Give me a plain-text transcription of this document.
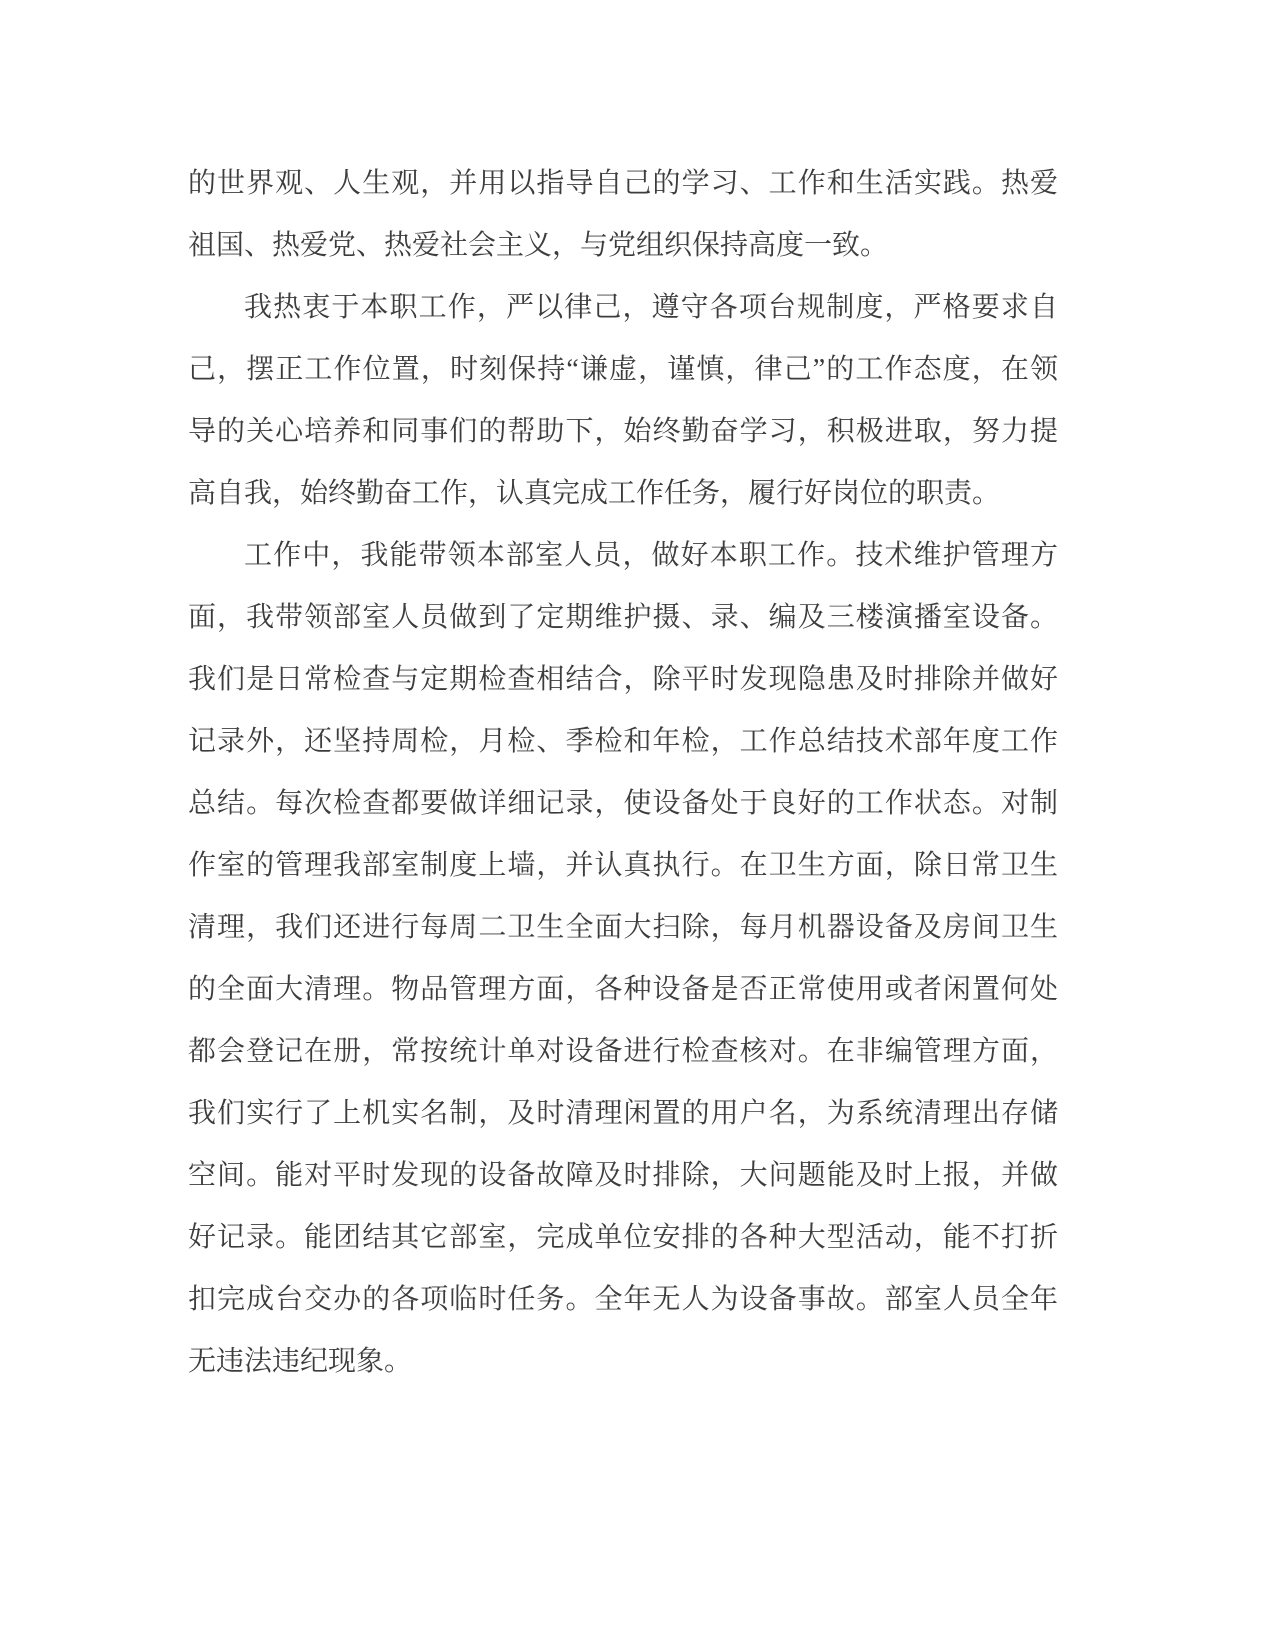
的世界观、人生观，并用以指导自己的学习、工作和生活实践。热爱
祖国、热爱党、热爱社会主义，与党组织保持高度一致。
我热衷于本职工作，严以律己，遵守各项台规制度，严格要求自
己，摆正工作位置，时刻保持“谦虚，谨慎，律己”的工作态度，在领
导的关心培养和同事们的帮助下，始终勤奋学习，积极进取，努力提
高自我，始终勤奋工作，认真完成工作任务，履行好岗位的职责。
工作中，我能带领本部室人员，做好本职工作。技术维护管理方
面，我带领部室人员做到了定期维护摄、录、编及三楼演播室设备。
我们是日常检查与定期检查相结合，除平时发现隐患及时排除并做好
记录外，还坚持周检，月检、季检和年检，工作总结技术部年度工作
总结。每次检查都要做详细记录，使设备处于良好的工作状态。对制
作室的管理我部室制度上墙，并认真执行。在卫生方面，除日常卫生
清理，我们还进行每周二卫生全面大扫除，每月机器设备及房间卫生
的全面大清理。物品管理方面，各种设备是否正常使用或者闲置何处
都会登记在册，常按统计单对设备进行检查核对。在非编管理方面，
我们实行了上机实名制，及时清理闲置的用户名，为系统清理出存储
空间。能对平时发现的设备故障及时排除，大问题能及时上报，并做
好记录。能团结其它部室，完成单位安排的各种大型活动，能不打折
扣完成台交办的各项临时任务。全年无人为设备事故。部室人员全年
无违法违纪现象。
